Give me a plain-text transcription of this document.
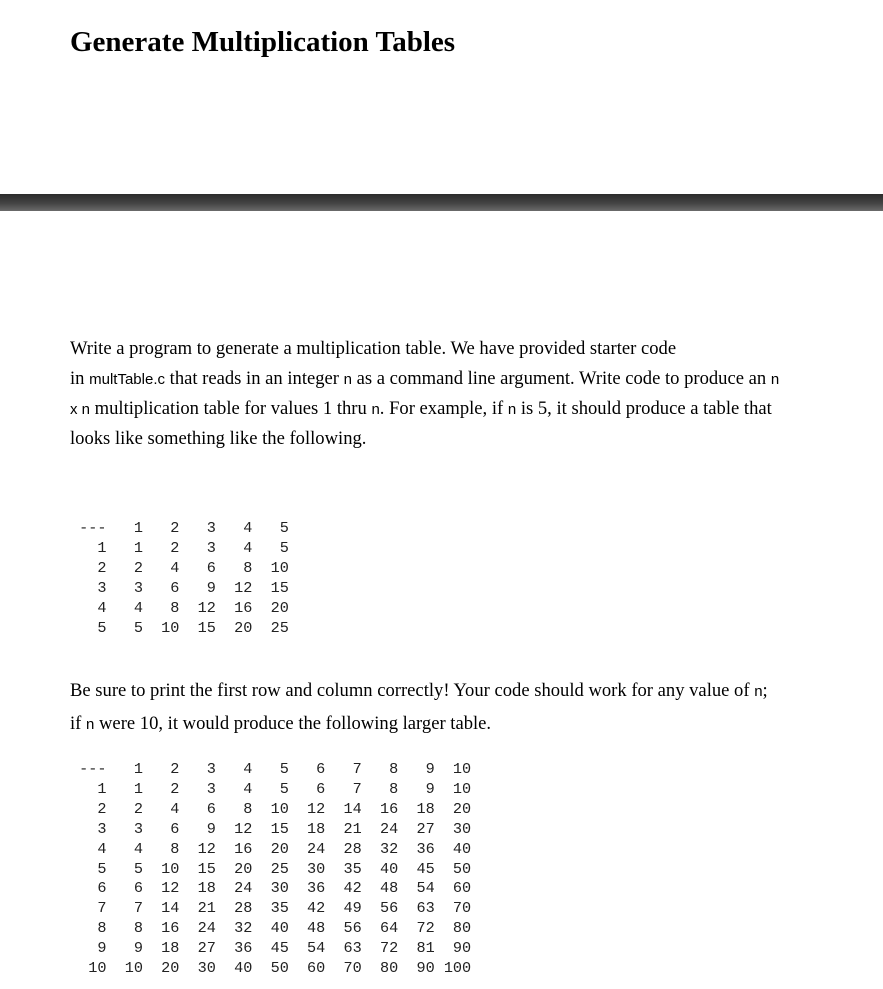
Generate Multiplication Tables
Write a program to generate a multiplication table. We have provided starter code
in multTable.c that reads in an integer n as a command line argument. Write code to produce an n
x n multiplication table for values 1 thru n. For example, if n is 5, it should produce a table that
looks like something like the following.
--- 1 2 3 4 5
1 1 2 3 4 5
2 2 4 6 8 10
3 3 6 9 12 15
4 4 8 12 16 20
5 5 10 15 20 25
Be sure to print the first row and column correctly! Your code should work for any value of n;
if n were 10, it would produce the following larger table.
--- 1 2 3 4 5 6 7 8 9 10
1 1 2 3 4 5 6 7 8 9 10
2 2 4 6 8 10 12 14 16 18 20
3 3 6 9 12 15 18 21 24 27 30
4 4 8 12 16 20 24 28 32 36 40
5 5 10 15 20 25 30 35 40 45 50
6 6 12 18 24 30 36 42 48 54 60
7 7 14 21 28 35 42 49 56 63 70
8 8 16 24 32 40 48 56 64 72 80
9 9 18 27 36 45 54 63 72 81 90
10 10 20 30 40 50 60 70 80 90 100
